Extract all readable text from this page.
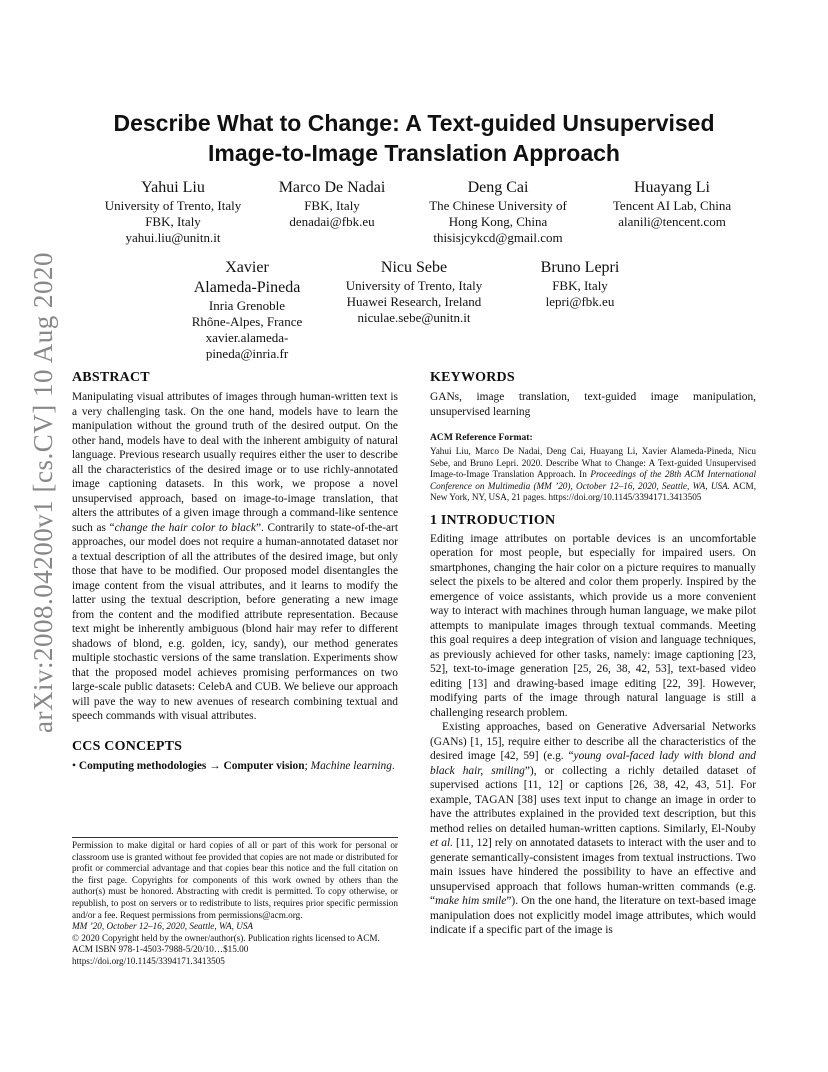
arXiv:2008.04200v1 [cs.CV] 10 Aug 2020
Describe What to Change: A Text-guided Unsupervised
Image-to-Image Translation Approach
Yahui Liu
University of Trento, Italy
FBK, Italy
yahui.liu@unitn.it
Marco De Nadai
FBK, Italy
denadai@fbk.eu
Deng Cai
The Chinese University of
Hong Kong, China
thisisjcykcd@gmail.com
Huayang Li
Tencent AI Lab, China
alanili@tencent.com
Xavier
Alameda-Pineda
Inria Grenoble
Rhône-Alpes, France
xavier.alameda-
pineda@inria.fr
Nicu Sebe
University of Trento, Italy
Huawei Research, Ireland
niculae.sebe@unitn.it
Bruno Lepri
FBK, Italy
lepri@fbk.eu
ABSTRACT

Manipulating visual attributes of images through human-written text is a very challenging task. On the one hand, models have to learn the manipulation without the ground truth of the desired output. On the other hand, models have to deal with the inherent ambiguity of natural language. Previous research usually requires either the user to describe all the characteristics of the desired image or to use richly-annotated image captioning datasets. In this work, we propose a novel unsupervised approach, based on image-to-image translation, that alters the attributes of a given image through a command-like sentence such as “change the hair color to black”. Contrarily to state-of-the-art approaches, our model does not require a human-annotated dataset nor a textual description of all the attributes of the desired image, but only those that have to be modified. Our proposed model disentangles the image content from the visual attributes, and it learns to modify the latter using the textual description, before generating a new image from the content and the modified attribute representation. Because text might be inherently ambiguous (blond hair may refer to different shadows of blond, e.g. golden, icy, sandy), our method generates multiple stochastic versions of the same translation. Experiments show that the proposed model achieves promising performances on two large-scale public datasets: CelebA and CUB. We believe our approach will pave the way to new avenues of research combining textual and speech commands with visual attributes.

CCS CONCEPTS

• Computing methodologies → Computer vision; Machine learning.

Permission to make digital or hard copies of all or part of this work for personal or classroom use is granted without fee provided that copies are not made or distributed for profit or commercial advantage and that copies bear this notice and the full citation on the first page. Copyrights for components of this work owned by others than the author(s) must be honored. Abstracting with credit is permitted. To copy otherwise, or republish, to post on servers or to redistribute to lists, requires prior specific permission and/or a fee. Request permissions from permissions@acm.org.

MM ’20, October 12–16, 2020, Seattle, WA, USA

© 2020 Copyright held by the owner/author(s). Publication rights licensed to ACM.

ACM ISBN 978-1-4503-7988-5/20/10…$15.00

https://doi.org/10.1145/3394171.3413505

KEYWORDS

GANs, image translation, text-guided image manipulation, unsupervised learning

ACM Reference Format:

Yahui Liu, Marco De Nadai, Deng Cai, Huayang Li, Xavier Alameda-Pineda, Nicu Sebe, and Bruno Lepri. 2020. Describe What to Change: A Text-guided Unsupervised Image-to-Image Translation Approach. In Proceedings of the 28th ACM International Conference on Multimedia (MM ’20), October 12–16, 2020, Seattle, WA, USA. ACM, New York, NY, USA, 21 pages. https://doi.org/10.1145/3394171.3413505

1 INTRODUCTION

Editing image attributes on portable devices is an uncomfortable operation for most people, but especially for impaired users. On smartphones, changing the hair color on a picture requires to manually select the pixels to be altered and color them properly. Inspired by the emergence of voice assistants, which provide us a more convenient way to interact with machines through human language, we make pilot attempts to manipulate images through textual commands. Meeting this goal requires a deep integration of vision and language techniques, as previously achieved for other tasks, namely: image captioning [23, 52], text-to-image generation [25, 26, 38, 42, 53], text-based video editing [13] and drawing-based image editing [22, 39]. However, modifying parts of the image through natural language is still a challenging research problem.

Existing approaches, based on Generative Adversarial Networks (GANs) [1, 15], require either to describe all the characteristics of the desired image [42, 59] (e.g. “young oval-faced lady with blond and black hair, smiling”), or collecting a richly detailed dataset of supervised actions [11, 12] or captions [26, 38, 42, 43, 51]. For example, TAGAN [38] uses text input to change an image in order to have the attributes explained in the provided text description, but this method relies on detailed human-written captions. Similarly, El-Nouby et al. [11, 12] rely on annotated datasets to interact with the user and to generate semantically-consistent images from textual instructions. Two main issues have hindered the possibility to have an effective and unsupervised approach that follows human-written commands (e.g. “make him smile”). On the one hand, the literature on text-based image manipulation does not explicitly model image attributes, which would indicate if a specific part of the image is
